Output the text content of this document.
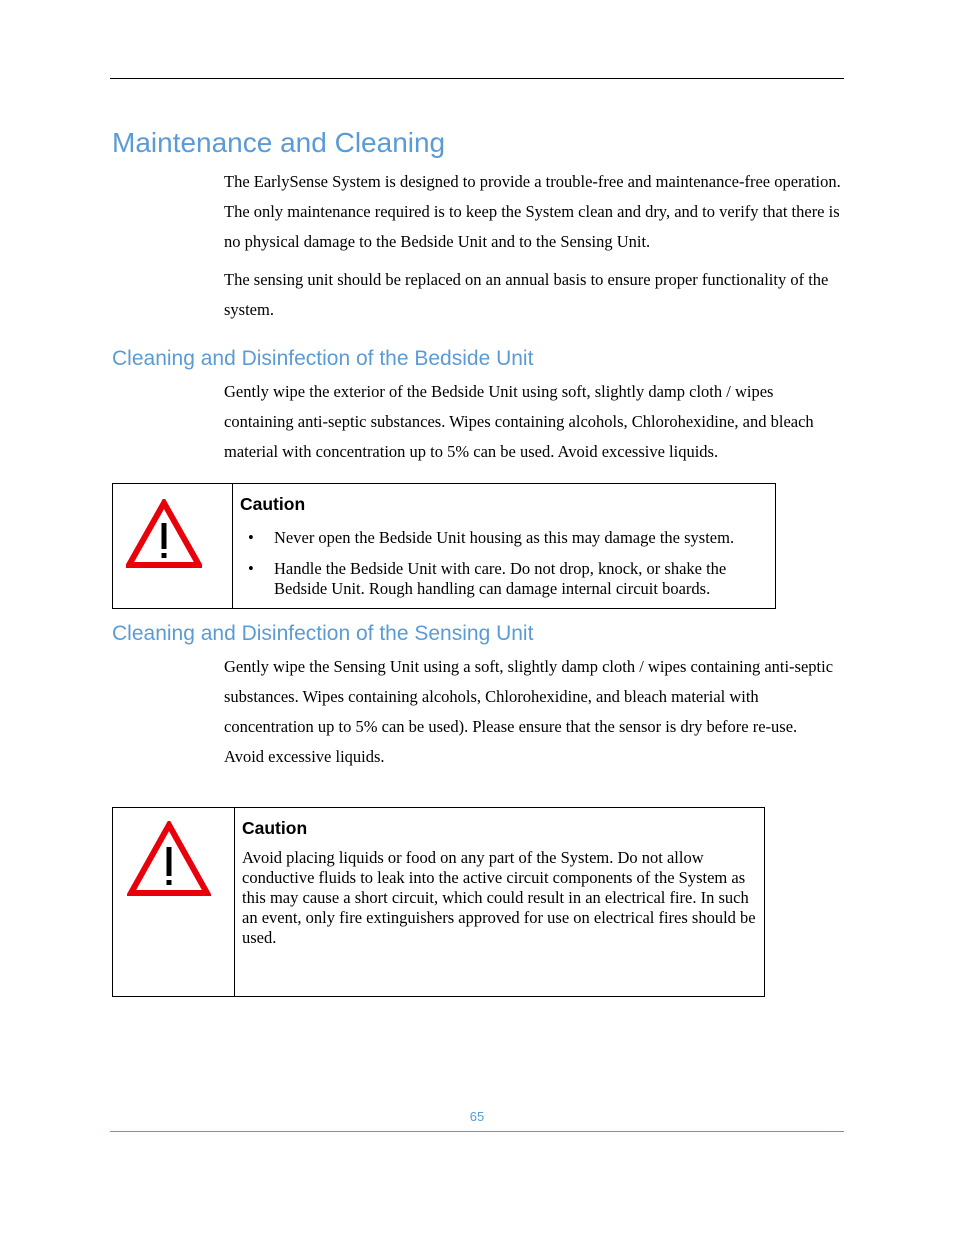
Maintenance and Cleaning

The EarlySense System is designed to provide a trouble-free and maintenance-free operation. The only maintenance required is to keep the System clean and dry, and to verify that there is no physical damage to the Bedside Unit and to the Sensing Unit.

The sensing unit should be replaced on an annual basis to ensure proper functionality of the system.

Cleaning and Disinfection of the Bedside Unit

Gently wipe the exterior of the Bedside Unit using soft, slightly damp cloth / wipes containing anti-septic substances. Wipes containing alcohols, Chlorohexidine, and bleach material with concentration up to 5% can be used. Avoid excessive liquids.

Caution

• Never open the Bedside Unit housing as this may damage the system.
• Handle the Bedside Unit with care. Do not drop, knock, or shake the Bedside Unit. Rough handling can damage internal circuit boards.
Cleaning and Disinfection of the Sensing Unit

Gently wipe the Sensing Unit using a soft, slightly damp cloth / wipes containing anti-septic substances. Wipes containing alcohols, Chlorohexidine, and bleach material with concentration up to 5% can be used). Please ensure that the sensor is dry before re-use. Avoid excessive liquids.

Caution

Avoid placing liquids or food on any part of the System. Do not allow conductive fluids to leak into the active circuit components of the System as this may cause a short circuit, which could result in an electrical fire. In such an event, only fire extinguishers approved for use on electrical fires should be used.

65
